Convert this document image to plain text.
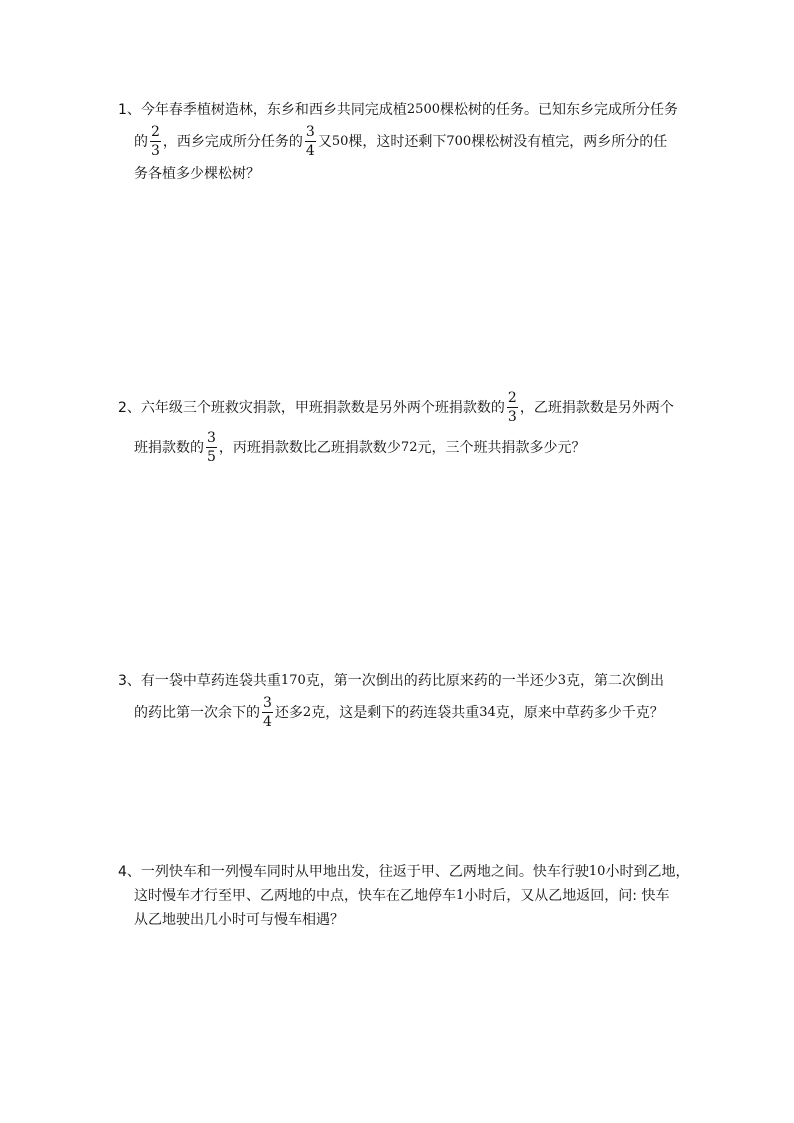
1、今年春季植树造林，东乡和西乡共同完成植 2500 棵松树的任务。已知东乡完成所分任务
的 $\frac{2}{3}$ ，西乡完成所分任务的 $\frac{3}{4}$ 又 50 棵，这时还剩下 700 棵松树没有植完，两乡所分的任
务各植多少棵松树？
2、六年级三个班救灾捐款，甲班捐款数是另外两个班捐款数的 $\frac{2}{3}$ ，乙班捐款数是另外两个
班捐款数的 $\frac{3}{5}$ ，丙班捐款数比乙班捐款数少 72 元，三个班共捐款多少元？
3、有一袋中草药连袋共重 170 克，第一次倒出的药比原来药的一半还少 3 克，第二次倒出
的药比第一次余下的 $\frac{3}{4}$ 还多 2 克，这是剩下的药连袋共重 34 克，原来中草药多少千克？
4、一列快车和一列慢车同时从甲地出发，往返于甲、乙两地之间。快车行驶 10 小时到乙地，
这时慢车才行至甲、乙两地的中点，快车在乙地停车 1 小时后，又从乙地返回，问: 快车
从乙地驶出几小时可与慢车相遇？
